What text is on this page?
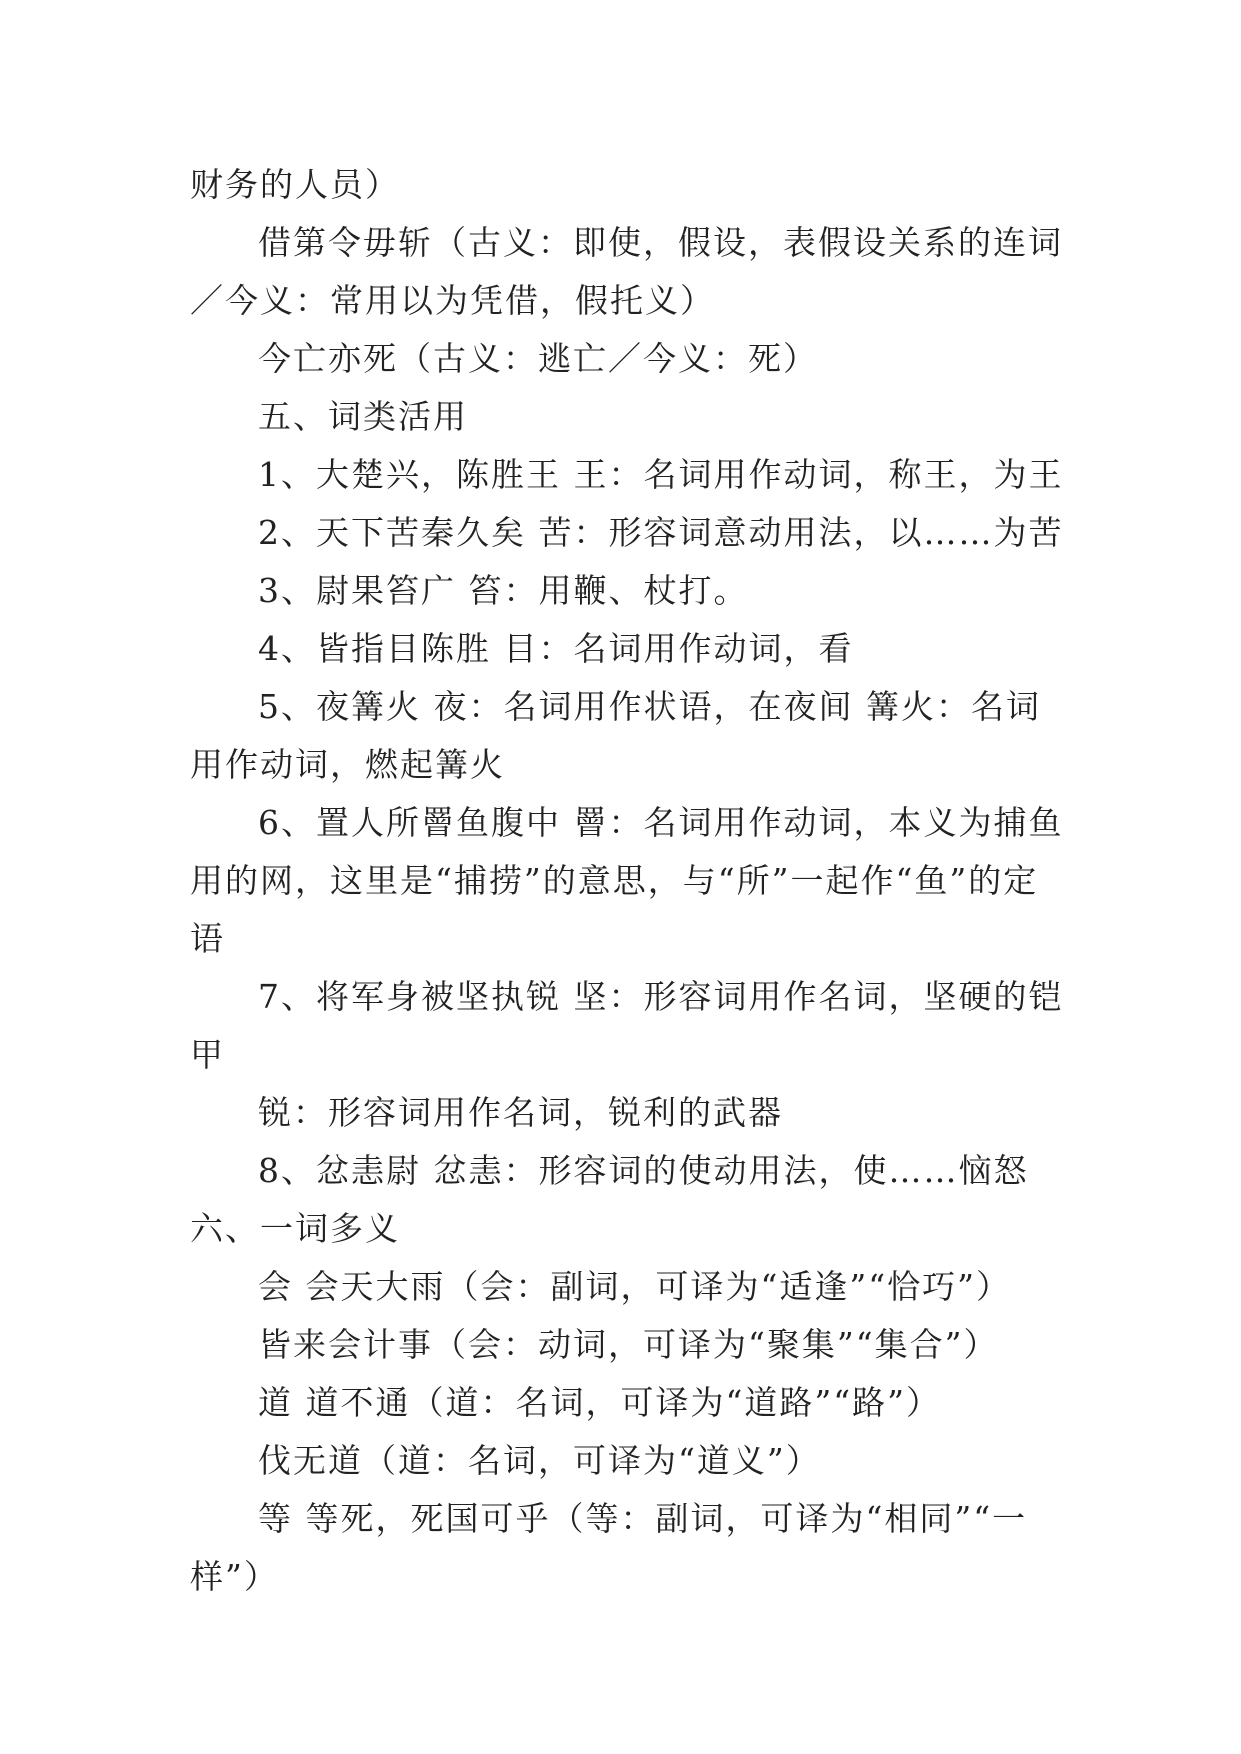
财务的人员）

借第令毋斩（古义：即使，假设，表假设关系的连词／今义：常用以为凭借，假托义）

今亡亦死（古义：逃亡／今义：死）

五、词类活用

1、大楚兴，陈胜王 王：名词用作动词，称王，为王

2、天下苦秦久矣 苦：形容词意动用法，以……为苦

3、尉果笞广 笞：用鞭、杖打。

4、皆指目陈胜 目：名词用作动词，看

5、夜篝火 夜：名词用作状语，在夜间 篝火：名词用作动词，燃起篝火

6、置人所罾鱼腹中 罾：名词用作动词，本义为捕鱼用的网，这里是“捕捞”的意思，与“所”一起作“鱼”的定语

7、将军身被坚执锐 坚：形容词用作名词，坚硬的铠甲

锐：形容词用作名词，锐利的武器

8、忿恚尉 忿恚：形容词的使动用法，使……恼怒六、一词多义

会 会天大雨（会：副词，可译为“适逢”“恰巧”）

皆来会计事（会：动词，可译为“聚集”“集合”）

道 道不通（道：名词，可译为“道路”“路”）

伐无道（道：名词，可译为“道义”）

等 等死，死国可乎（等：副词，可译为“相同”“一样”）
